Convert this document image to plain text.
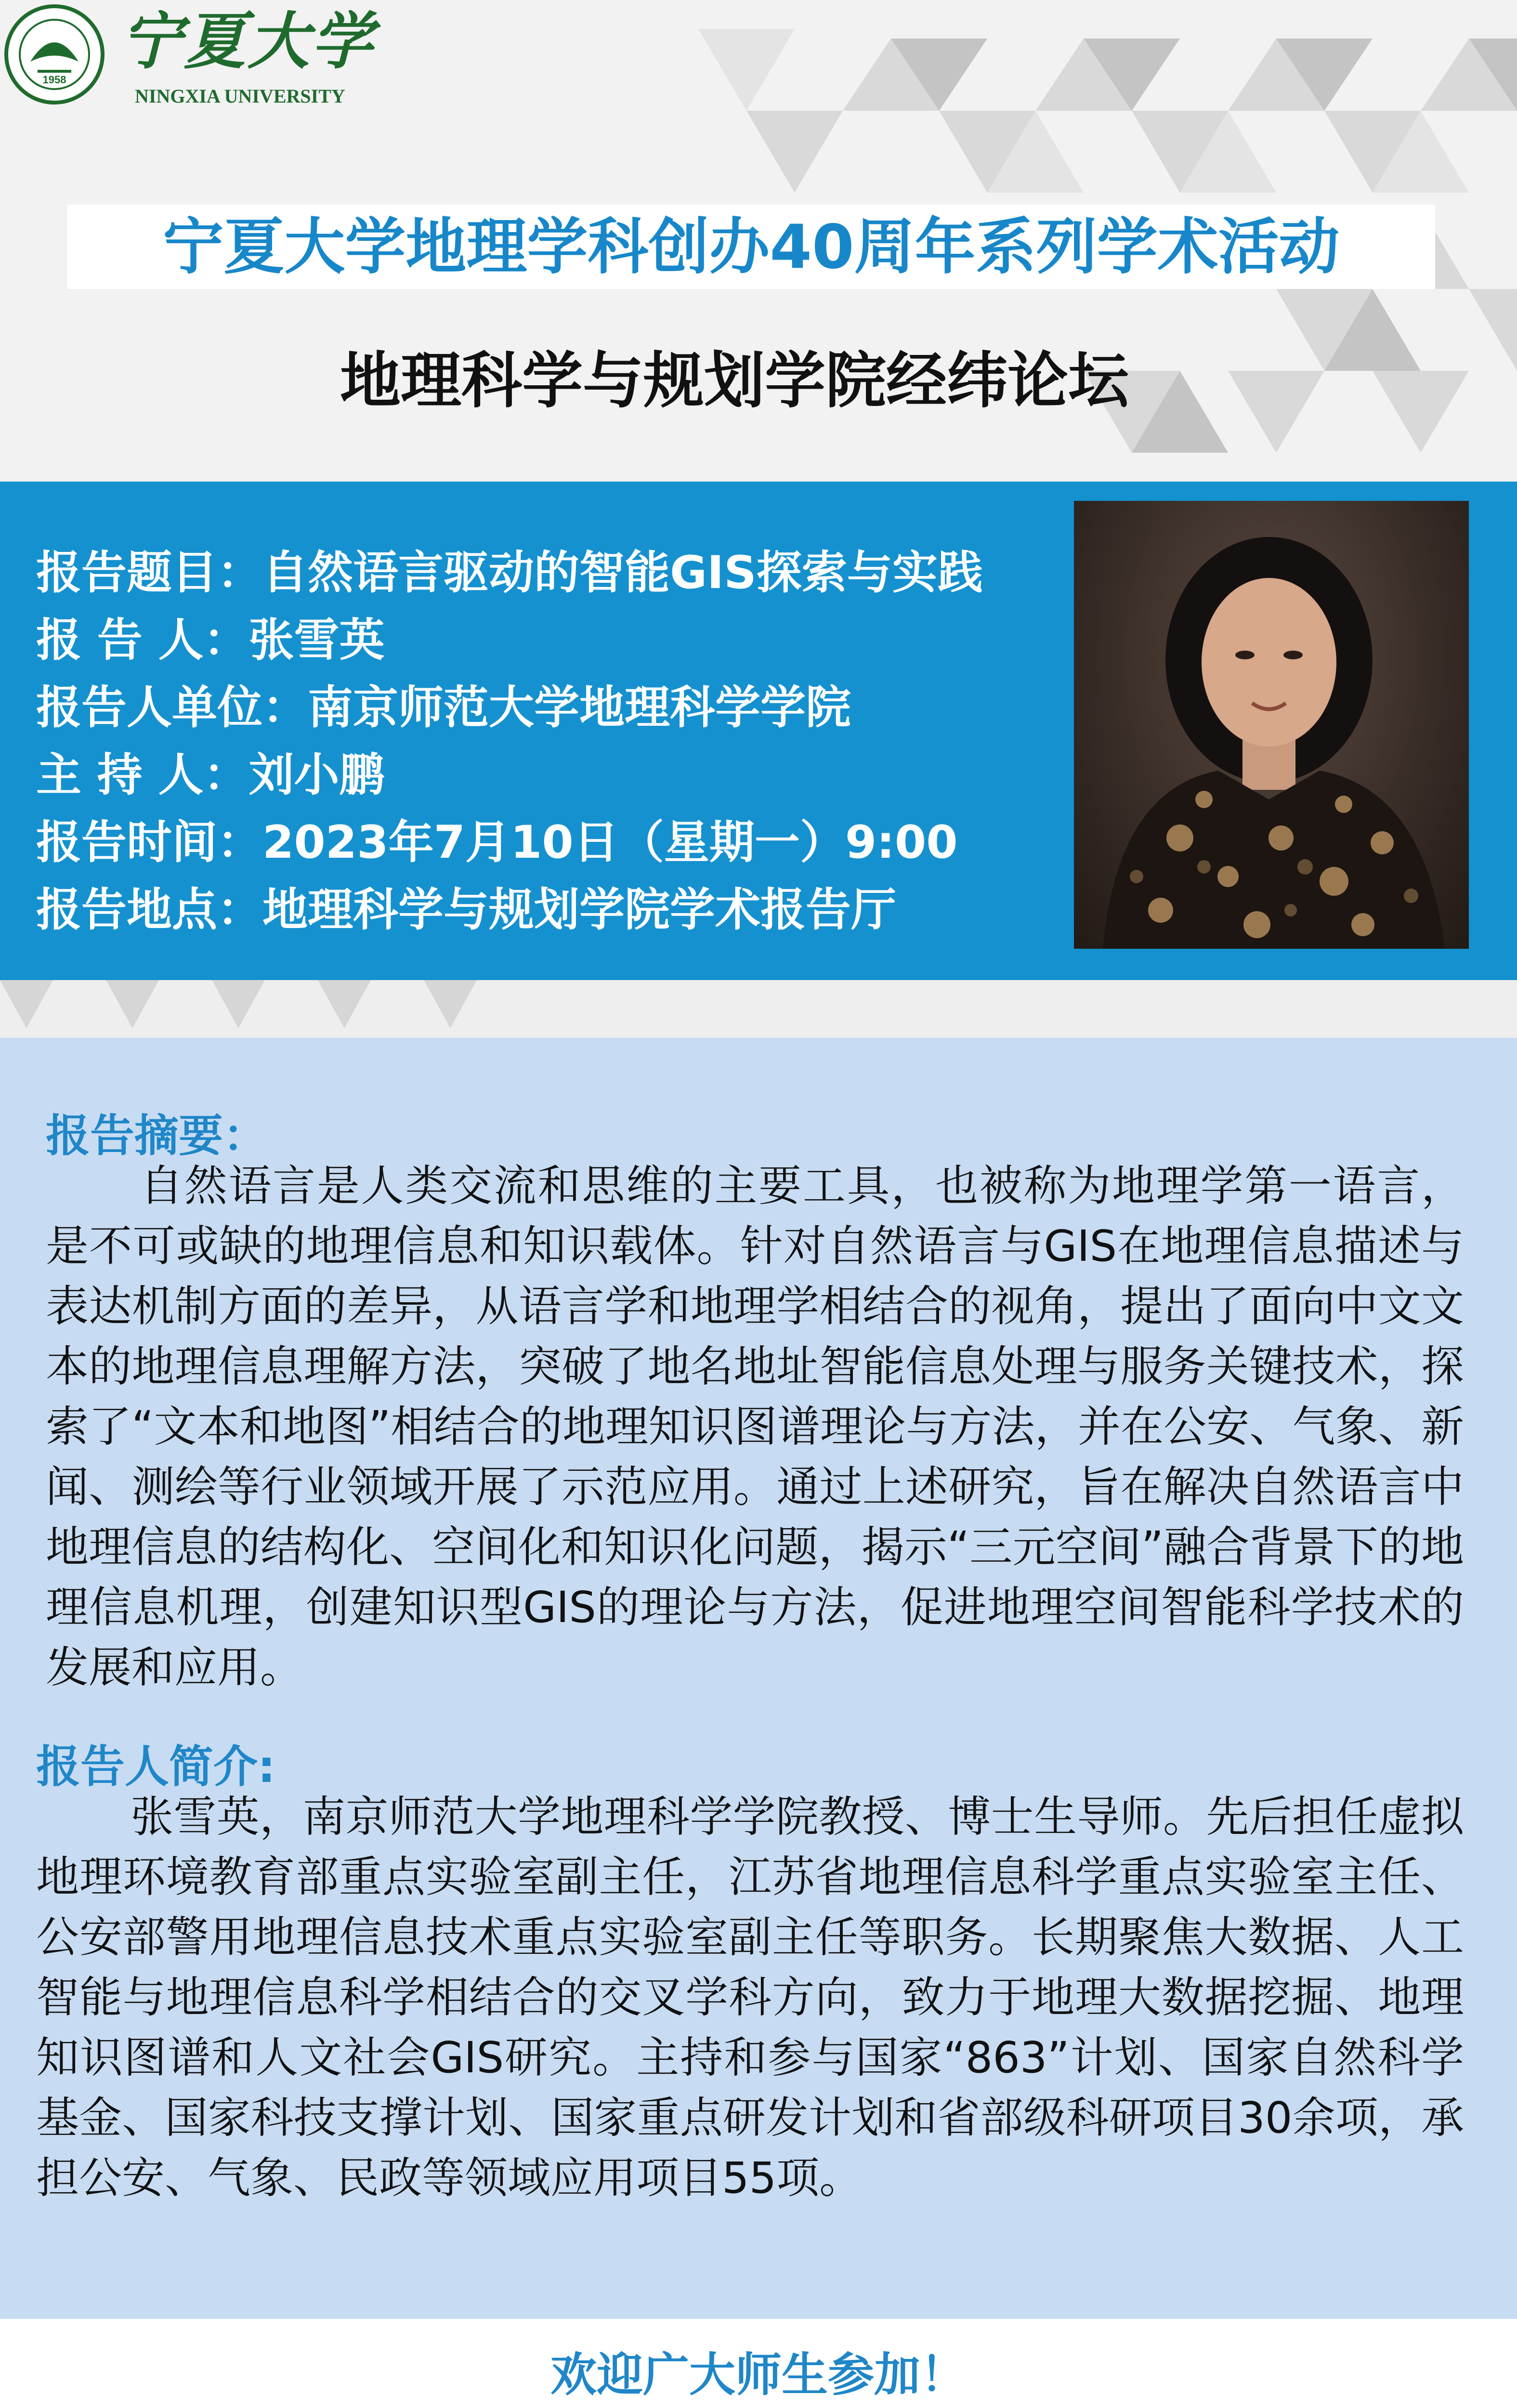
1958
宁夏大学
NINGXIA UNIVERSITY
宁夏大学地理学科创办40周年系列学术活动
地理科学与规划学院经纬论坛
报告题目：自然语言驱动的智能GIS探索与实践
报 告 人：张雪英
报告人单位：南京师范大学地理科学学院
主 持 人：刘小鹏
报告时间：2023年7月10日（星期一）9:00
报告地点：地理科学与规划学院学术报告厅
报告摘要：
自然语言是人类交流和思维的主要工具，也被称为地理学第一语言，是不可或缺的地理信息和知识载体。针对自然语言与GIS在地理信息描述与表达机制方面的差异，从语言学和地理学相结合的视角，提出了面向中文文本的地理信息理解方法，突破了地名地址智能信息处理与服务关键技术，探索了“文本和地图”相结合的地理知识图谱理论与方法，并在公安、气象、新闻、测绘等行业领域开展了示范应用。通过上述研究，旨在解决自然语言中地理信息的结构化、空间化和知识化问题，揭示“三元空间”融合背景下的地理信息机理，创建知识型GIS的理论与方法，促进地理空间智能科学技术的发展和应用。
报告人简介:
张雪英，南京师范大学地理科学学院教授、博士生导师。先后担任虚拟地理环境教育部重点实验室副主任，江苏省地理信息科学重点实验室主任、公安部警用地理信息技术重点实验室副主任等职务。长期聚焦大数据、人工智能与地理信息科学相结合的交叉学科方向，致力于地理大数据挖掘、地理知识图谱和人文社会GIS研究。主持和参与国家“863”计划、国家自然科学基金、国家科技支撑计划、国家重点研发计划和省部级科研项目30余项，承担公安、气象、民政等领域应用项目55项。
欢迎广大师生参加！
